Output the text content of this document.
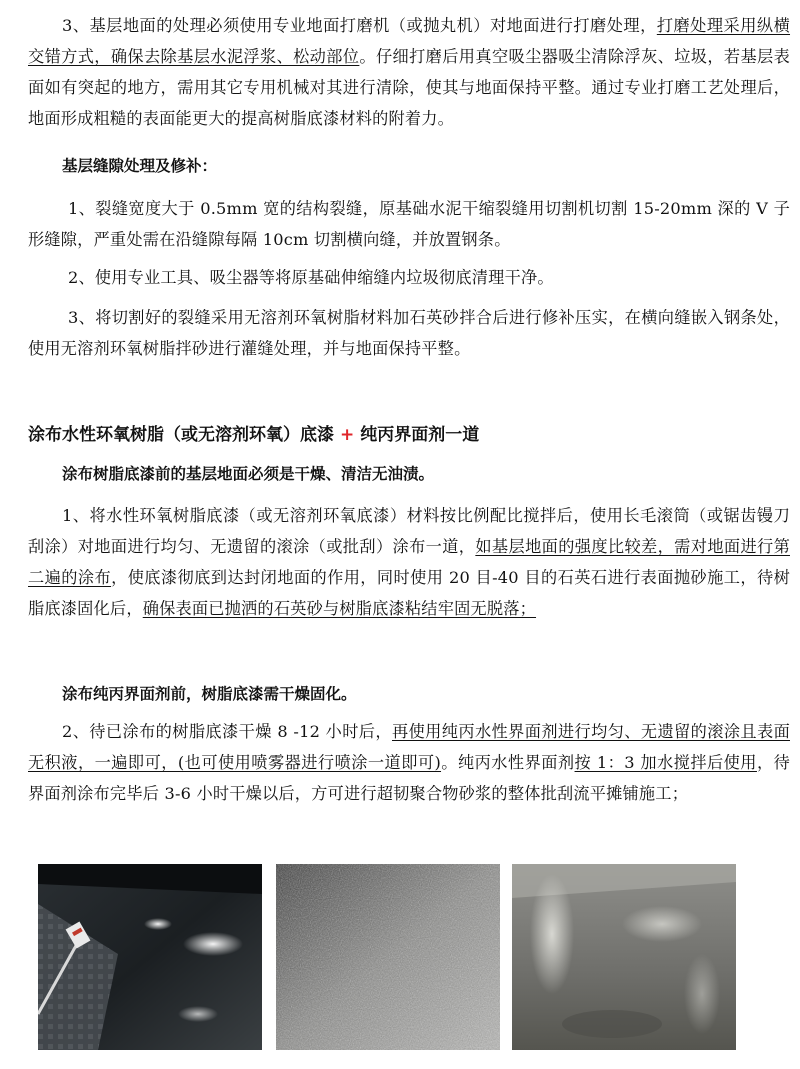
3、基层地面的处理必须使用专业地面打磨机（或抛丸机）对地面进行打磨处理，打磨处理采用纵横交错方式，确保去除基层水泥浮浆、松动部位。仔细打磨后用真空吸尘器吸尘清除浮灰、垃圾，若基层表面如有突起的地方，需用其它专用机械对其进行清除，使其与地面保持平整。通过专业打磨工艺处理后，地面形成粗糙的表面能更大的提高树脂底漆材料的附着力。

基层缝隙处理及修补：

1、裂缝宽度大于 0.5mm 宽的结构裂缝，原基础水泥干缩裂缝用切割机切割 15-20mm 深的 V 子形缝隙，严重处需在沿缝隙每隔 10cm 切割横向缝，并放置钢条。

2、使用专业工具、吸尘器等将原基础伸缩缝内垃圾彻底清理干净。

3、将切割好的裂缝采用无溶剂环氧树脂材料加石英砂拌合后进行修补压实，在横向缝嵌入钢条处，使用无溶剂环氧树脂拌砂进行灌缝处理，并与地面保持平整。

涂布水性环氧树脂（或无溶剂环氧）底漆 + 纯丙界面剂一道

涂布树脂底漆前的基层地面必须是干燥、清洁无油渍。

1、将水性环氧树脂底漆（或无溶剂环氧底漆）材料按比例配比搅拌后，使用长毛滚筒（或锯齿镘刀刮涂）对地面进行均匀、无遗留的滚涂（或批刮）涂布一道，如基层地面的强度比较差，需对地面进行第二遍的涂布，使底漆彻底到达封闭地面的作用，同时使用 20 目-40 目的石英石进行表面抛砂施工，待树脂底漆固化后，确保表面已抛洒的石英砂与树脂底漆粘结牢固无脱落；

涂布纯丙界面剂前，树脂底漆需干燥固化。

2、待已涂布的树脂底漆干燥 8 -12 小时后，再使用纯丙水性界面剂进行均匀、无遗留的滚涂且表面无积液，一遍即可，(也可使用喷雾器进行喷涂一道即可)。纯丙水性界面剂按 1：3 加水搅拌后使用，待界面剂涂布完毕后 3-6 小时干燥以后，方可进行超韧聚合物砂浆的整体批刮流平摊铺施工；
